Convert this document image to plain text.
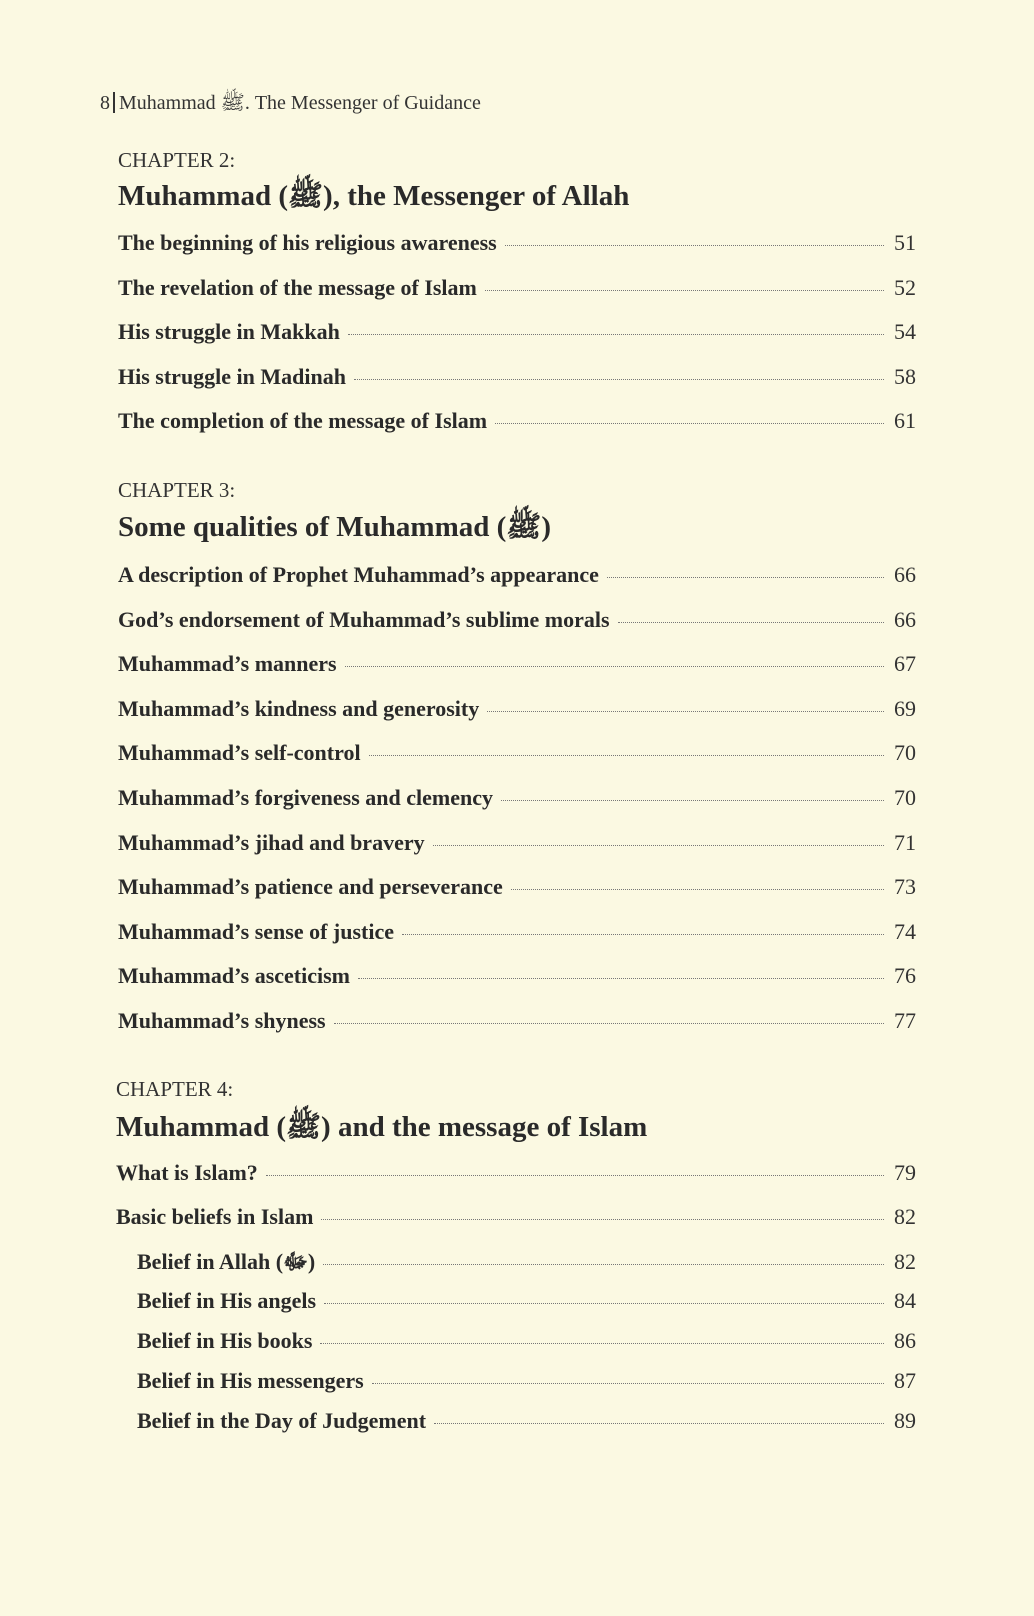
8 Muhammad ﷺ. The Messenger of Guidance
CHAPTER 2:
Muhammad (ﷺ), the Messenger of Allah
The beginning of his religious awareness	51
The revelation of the message of Islam	52
His struggle in Makkah	54
His struggle in Madinah	58
The completion of the message of Islam	61
CHAPTER 3:
Some qualities of Muhammad (ﷺ)
A description of Prophet Muhammad’s appearance	66
God’s endorsement of Muhammad’s sublime morals	66
Muhammad’s manners	67
Muhammad’s kindness and generosity	69
Muhammad’s self-control	70
Muhammad’s forgiveness and clemency	70
Muhammad’s jihad and bravery	71
Muhammad’s patience and perseverance	73
Muhammad’s sense of justice	74
Muhammad’s asceticism	76
Muhammad’s shyness	77
CHAPTER 4:
Muhammad (ﷺ) and the message of Islam
What is Islam?	79
Basic beliefs in Islam	82
Belief in Allah (ﷻ)	82
Belief in His angels	84
Belief in His books	86
Belief in His messengers	87
Belief in the Day of Judgement	89
